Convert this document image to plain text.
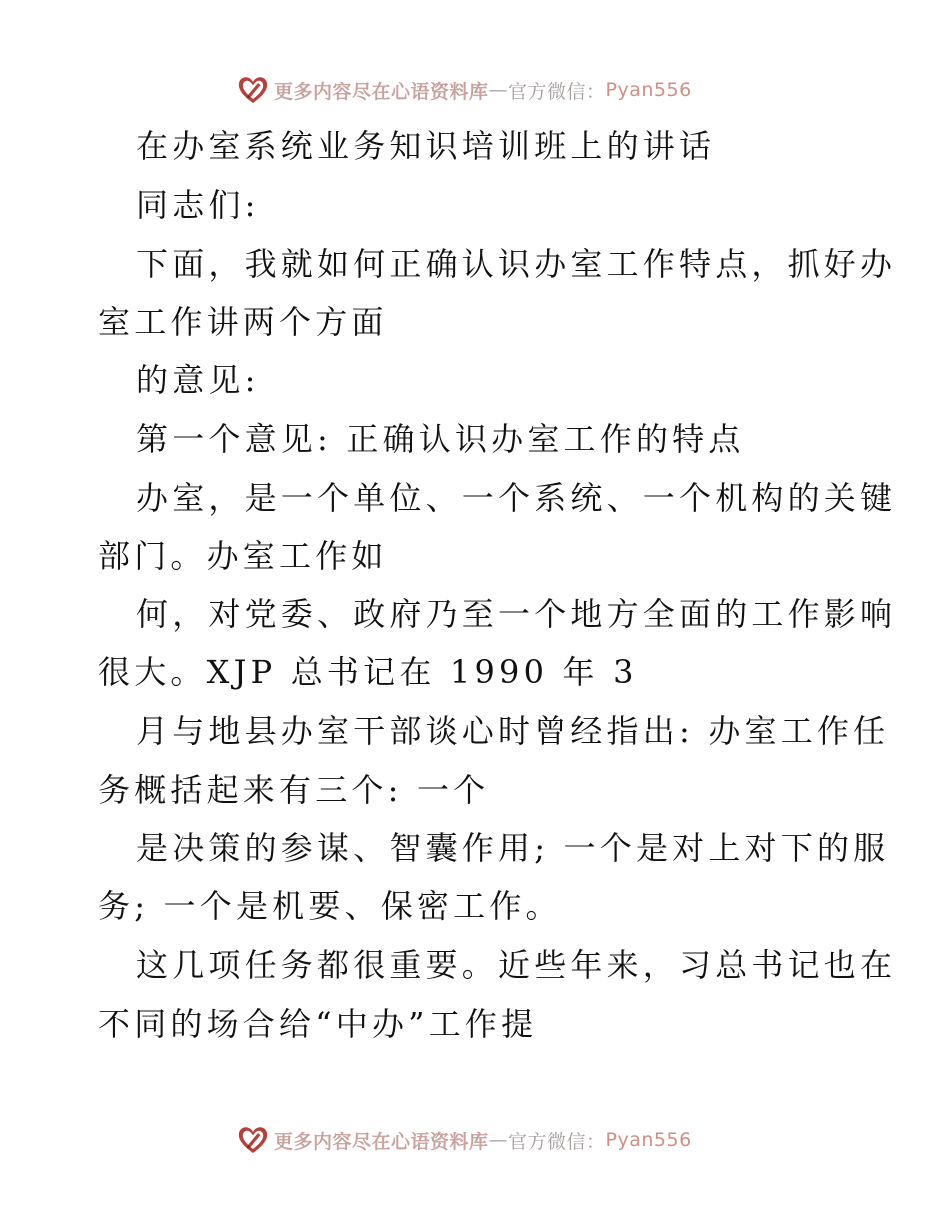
更多内容尽在心语资料库 — 官方微信： Pyan556
在办室系统业务知识培训班上的讲话
同志们:
下面，我就如何正确认识办室工作特点，抓好办
室工作讲两个方面
的意见:
第一个意见: 正确认识办室工作的特点
办室，是一个单位、一个系统、一个机构的关键
部门。办室工作如
何，对党委、政府乃至一个地方全面的工作影响
很大。XJP 总书记在 1990 年 3
月与地县办室干部谈心时曾经指出: 办室工作任
务概括起来有三个: 一个
是决策的参谋、智囊作用; 一个是对上对下的服
务; 一个是机要、保密工作。
这几项任务都很重要。近些年来，习总书记也在
不同的场合给“中办”工作提
更多内容尽在心语资料库 — 官方微信： Pyan556
